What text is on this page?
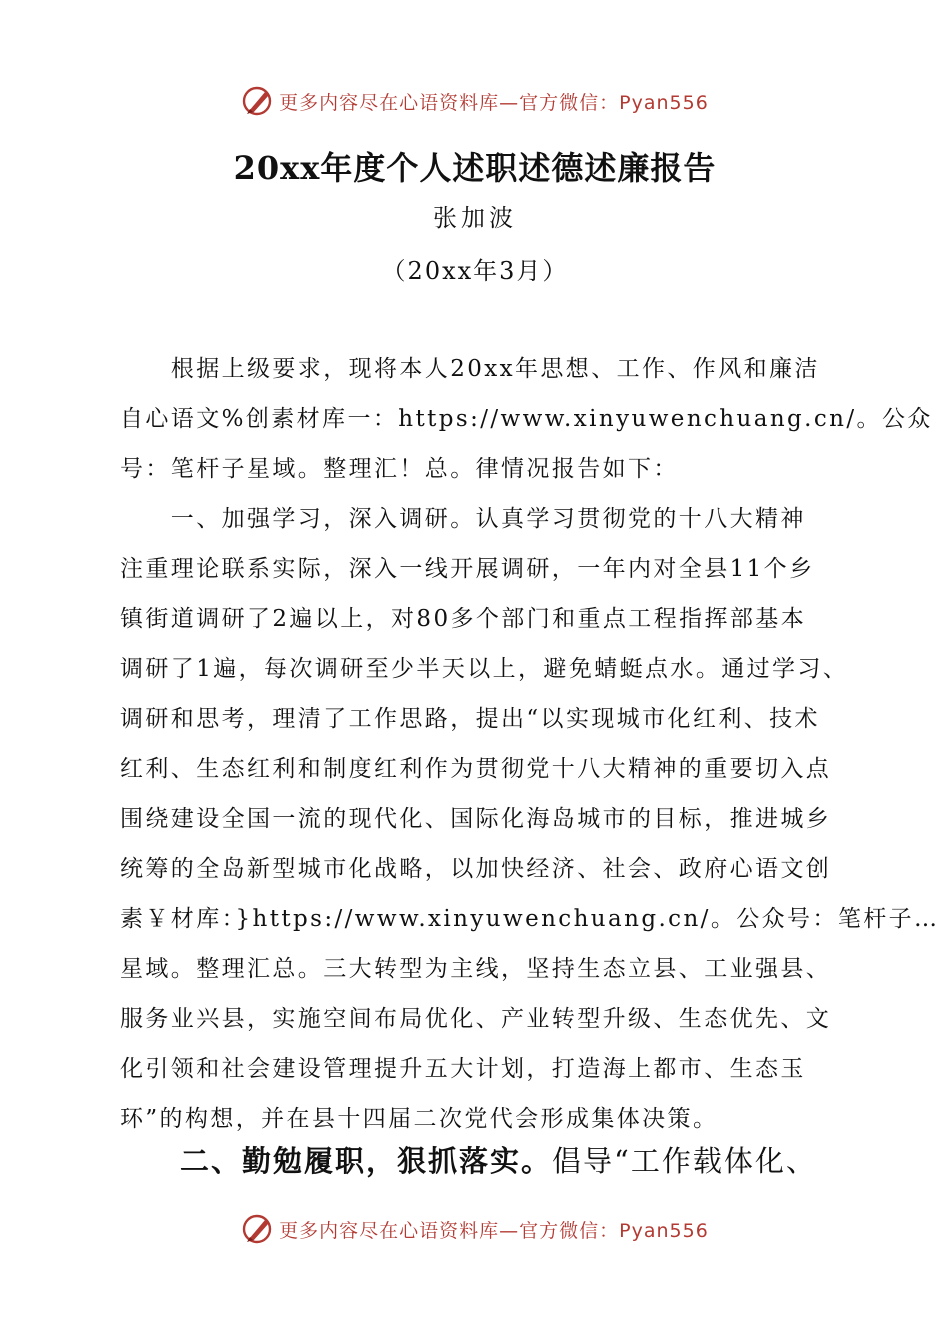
更多内容尽在心语资料库—官方微信：Pyan556
20xx年度个人述职述德述廉报告
张加波
（20xx年3月）
　　根据上级要求，现将本人20xx年思想、工作、作风和廉洁
自心语文%创素材库一：https://www.xinyuwenchuang.cn/。公众
号：笔杆子星域。整理汇！总。律情况报告如下：
　　一、加强学习，深入调研。认真学习贯彻党的十八大精神
注重理论联系实际，深入一线开展调研，一年内对全县11个乡
镇街道调研了2遍以上，对80多个部门和重点工程指挥部基本
调研了1遍，每次调研至少半天以上，避免蜻蜓点水。通过学习、
调研和思考，理清了工作思路，提出“以实现城市化红利、技术
红利、生态红利和制度红利作为贯彻党十八大精神的重要切入点
围绕建设全国一流的现代化、国际化海岛城市的目标，推进城乡
统筹的全岛新型城市化战略，以加快经济、社会、政府心语文创
素￥材库：}https://www.xinyuwenchuang.cn/。公众号：笔杆子…
星域。整理汇总。三大转型为主线，坚持生态立县、工业强县、
服务业兴县，实施空间布局优化、产业转型升级、生态优先、文
化引领和社会建设管理提升五大计划，打造海上都市、生态玉
环”的构想，并在县十四届二次党代会形成集体决策。
二、勤勉履职，狠抓落实。倡导“工作载体化、
更多内容尽在心语资料库—官方微信：Pyan556
